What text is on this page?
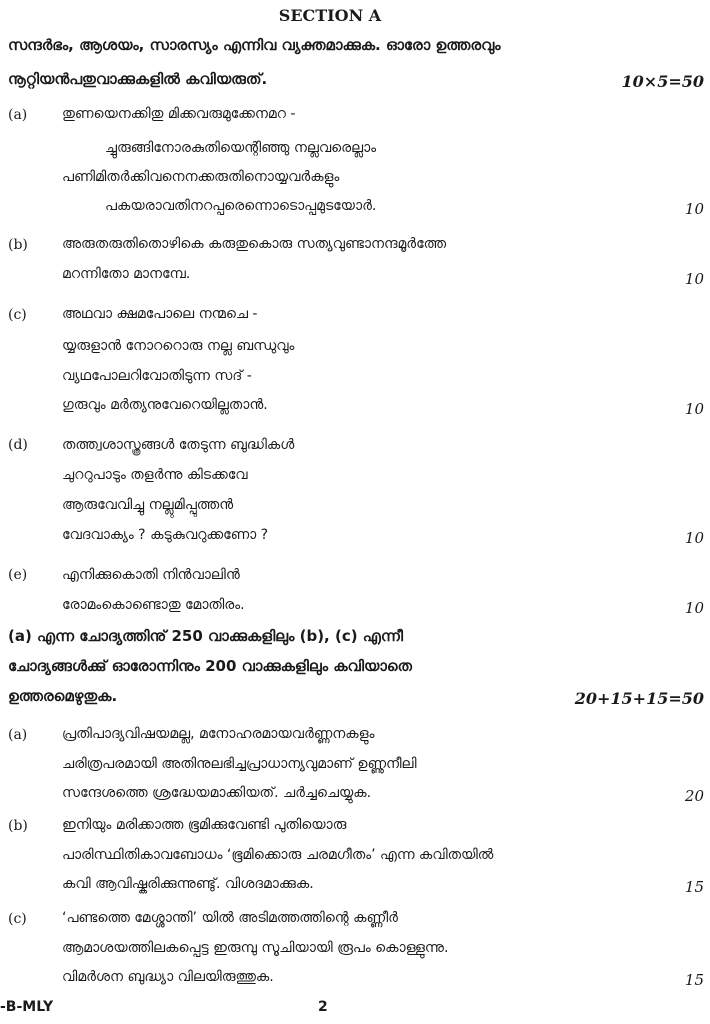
SECTION A
സന്ദർഭം, ആശയം, സാരസ്യം എന്നിവ വ്യക്തമാക്കുക. ഓരോ ഉത്തരവും
നൂറ്റിയൻപതുവാക്കുകളിൽ കവിയരുത്.	10×5=50
(a) തുണയെനക്കിതു മിക്കവരുമുക്കേനമറ -
ച്ചുരുങ്ങിനോരകുതിയെന്റിഞ്ഞു നല്ലവരെല്ലാം
പണിമിതർക്കിവനെനക്കരുതിനൊയ്യവർകളും
പകയരാവതിനറപ്പരെന്നൊടൊപ്പമുടയോർ.	10
(b) അരുതരുതിതൊഴികെ കരുതുകൊരു സത്യവുണ്ടാനന്ദമൂർത്തേ
മറന്നിതോ മാനമ്പേ.	10
(c)	അഥവാ ക്ഷമപോലെ നന്മചെ -
യ്യരുളാൻ നോററൊരു നല്ല ബന്ധുവും
വ്യഥപോലറിവോതിടുന്ന സദ് -
ഗുരുവും മർത്യനുവേറെയില്ലതാൻ.	10
(d) തത്ത്വശാസ്ത്രങ്ങൾ തേടുന്ന ബുദ്ധികൾ
ചുററുപാടും തളർന്നു കിടക്കവേ
ആരുവേവിച്ചു നല്ലുമിപ്പുത്തൻ
വേദവാക്യം ? കടുകുവറുക്കണോ ?	10
(e) എനിക്കുകൊതി നിൻവാലിൻ
രോമംകൊണ്ടൊതു മോതിരം.	10
(a) എന്ന ചോദ്യത്തിനു് 250 വാക്കുകളിലും (b), (c) എന്നീ
ചോദ്യങ്ങൾക്കു് ഓരോന്നിനും 200 വാക്കുകളിലും കവിയാതെ
ഉത്തരമെഴുതുക.	20+15+15=50
(a) പ്രതിപാദ്യവിഷയമല്ല, മനോഹരമായവർണ്ണനകളും
ചരിത്രപരമായി അതിനുലഭിച്ചപ്രാധാന്യവുമാണ് ഉണ്ണുനീലി
സന്ദേശത്തെ ശ്രദ്ധേയമാക്കിയത്. ചർച്ചചെയ്യുക.	20
(b) ഇനിയും മരിക്കാത്ത ഭൂമിക്കുവേണ്ടി പുതിയൊരു
പാരിസ്ഥിതികാവബോധം ‘ഭൂമിക്കൊരു ചരമഗീതം’ എന്ന കവിതയിൽ
കവി ആവിഷ്കരിക്കുന്നുണ്ടു്. വിശദമാക്കുക.	15
(c)	‘പണ്ടത്തെ മേശ്ശാന്തി’ യിൽ അടിമത്തത്തിന്റെ കണ്ണീർ
ആമാശയത്തിലകപ്പെട്ട ഇരുമ്പു സൂചിയായി രൂപം കൊള്ളുന്നു.
വിമർശന ബുദ്ധ്യാ വിലയിരുത്തുക.	15
-B-MLY	2
